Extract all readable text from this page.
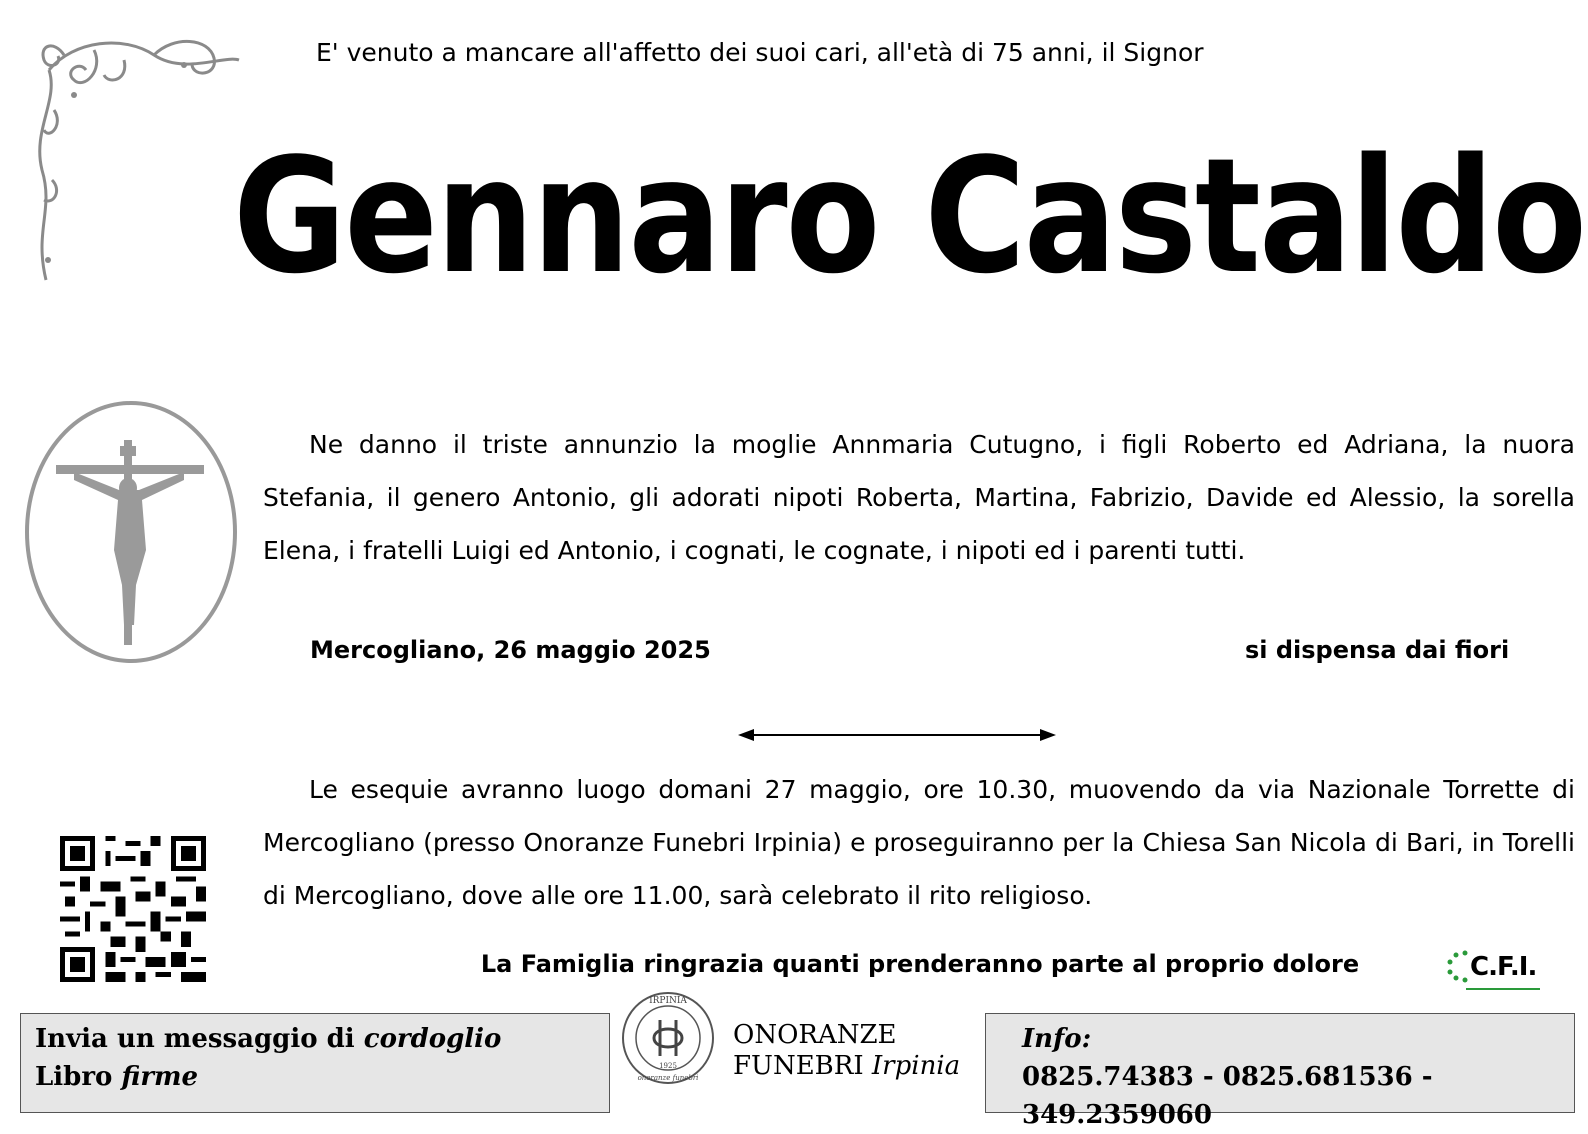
E' venuto a mancare all'affetto dei suoi cari, all'età di 75 anni, il Signor
Gennaro Castaldo
Ne danno il triste annunzio la moglie Annmaria Cutugno, i figli Roberto ed Adriana, la nuora Stefania, il genero Antonio, gli adorati nipoti Roberta, Martina, Fabrizio, Davide ed Alessio, la sorella Elena, i fratelli Luigi ed Antonio, i cognati, le cognate, i nipoti ed i parenti tutti.
Mercogliano, 26 maggio 2025	si dispensa dai fiori
Le esequie avranno luogo domani 27 maggio, ore 10.30, muovendo da via Nazionale Torrette di Mercogliano (presso Onoranze Funebri Irpinia) e proseguiranno per la Chiesa San Nicola di Bari, in Torelli di Mercogliano, dove alle ore 11.00, sarà celebrato il rito religioso.
La Famiglia ringrazia quanti prenderanno parte al proprio dolore	C.F.I.
Invia un messaggio di cordoglio
Libro firme
IRPINIA
1925
onoranze funebri
ONORANZE
FUNEBRI Irpinia
Info:
0825.74383 - 0825.681536 - 349.2359060
